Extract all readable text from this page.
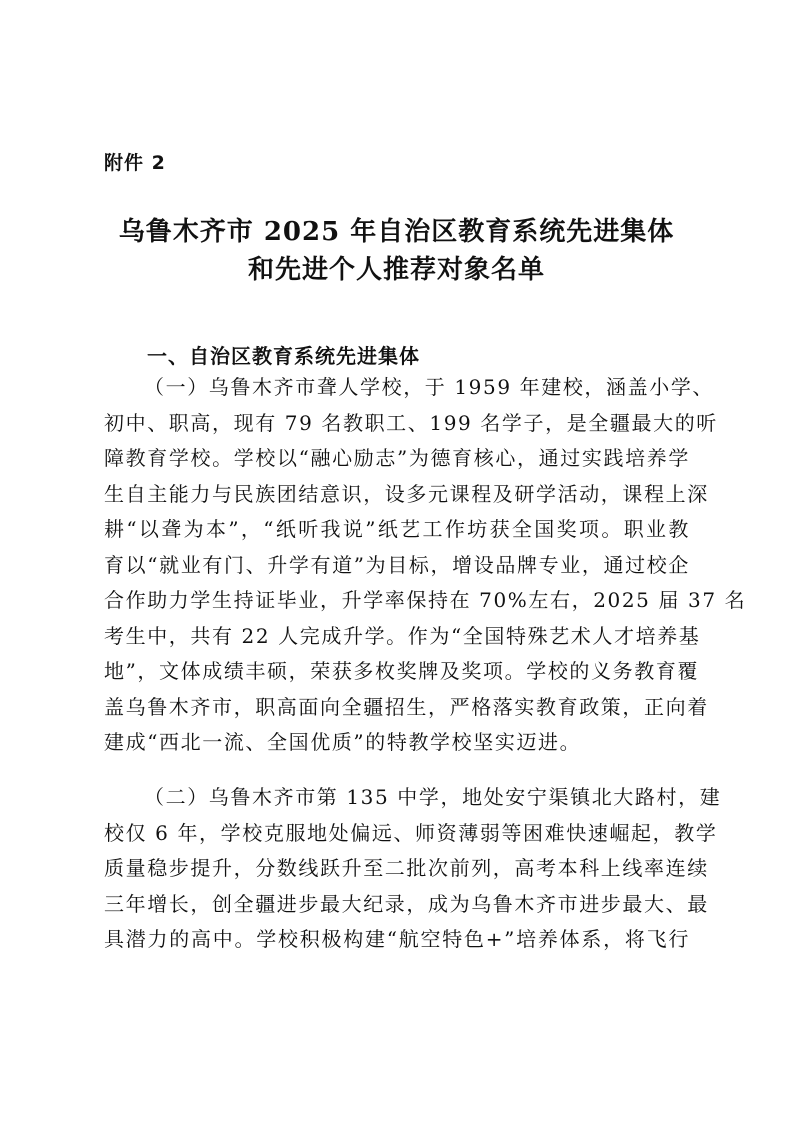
附件 2
乌鲁木齐市 2025 年自治区教育系统先进集体
和先进个人推荐对象名单
一、自治区教育系统先进集体
（一）乌鲁木齐市聋人学校，于 1959 年建校，涵盖小学、
初中、职高，现有 79 名教职工、199 名学子，是全疆最大的听
障教育学校。学校以“融心励志”为德育核心，通过实践培养学
生自主能力与民族团结意识，设多元课程及研学活动，课程上深
耕“以聋为本”，“纸听我说”纸艺工作坊获全国奖项。职业教
育以“就业有门、升学有道”为目标，增设品牌专业，通过校企
合作助力学生持证毕业，升学率保持在 70%左右，2025 届 37 名
考生中，共有 22 人完成升学。作为“全国特殊艺术人才培养基
地”，文体成绩丰硕，荣获多枚奖牌及奖项。学校的义务教育覆
盖乌鲁木齐市，职高面向全疆招生，严格落实教育政策，正向着
建成“西北一流、全国优质”的特教学校坚实迈进。
（二）乌鲁木齐市第 135 中学，地处安宁渠镇北大路村，建
校仅 6 年，学校克服地处偏远、师资薄弱等困难快速崛起，教学
质量稳步提升，分数线跃升至二批次前列，高考本科上线率连续
三年增长，创全疆进步最大纪录，成为乌鲁木齐市进步最大、最
具潜力的高中。学校积极构建“航空特色+”培养体系，将飞行
